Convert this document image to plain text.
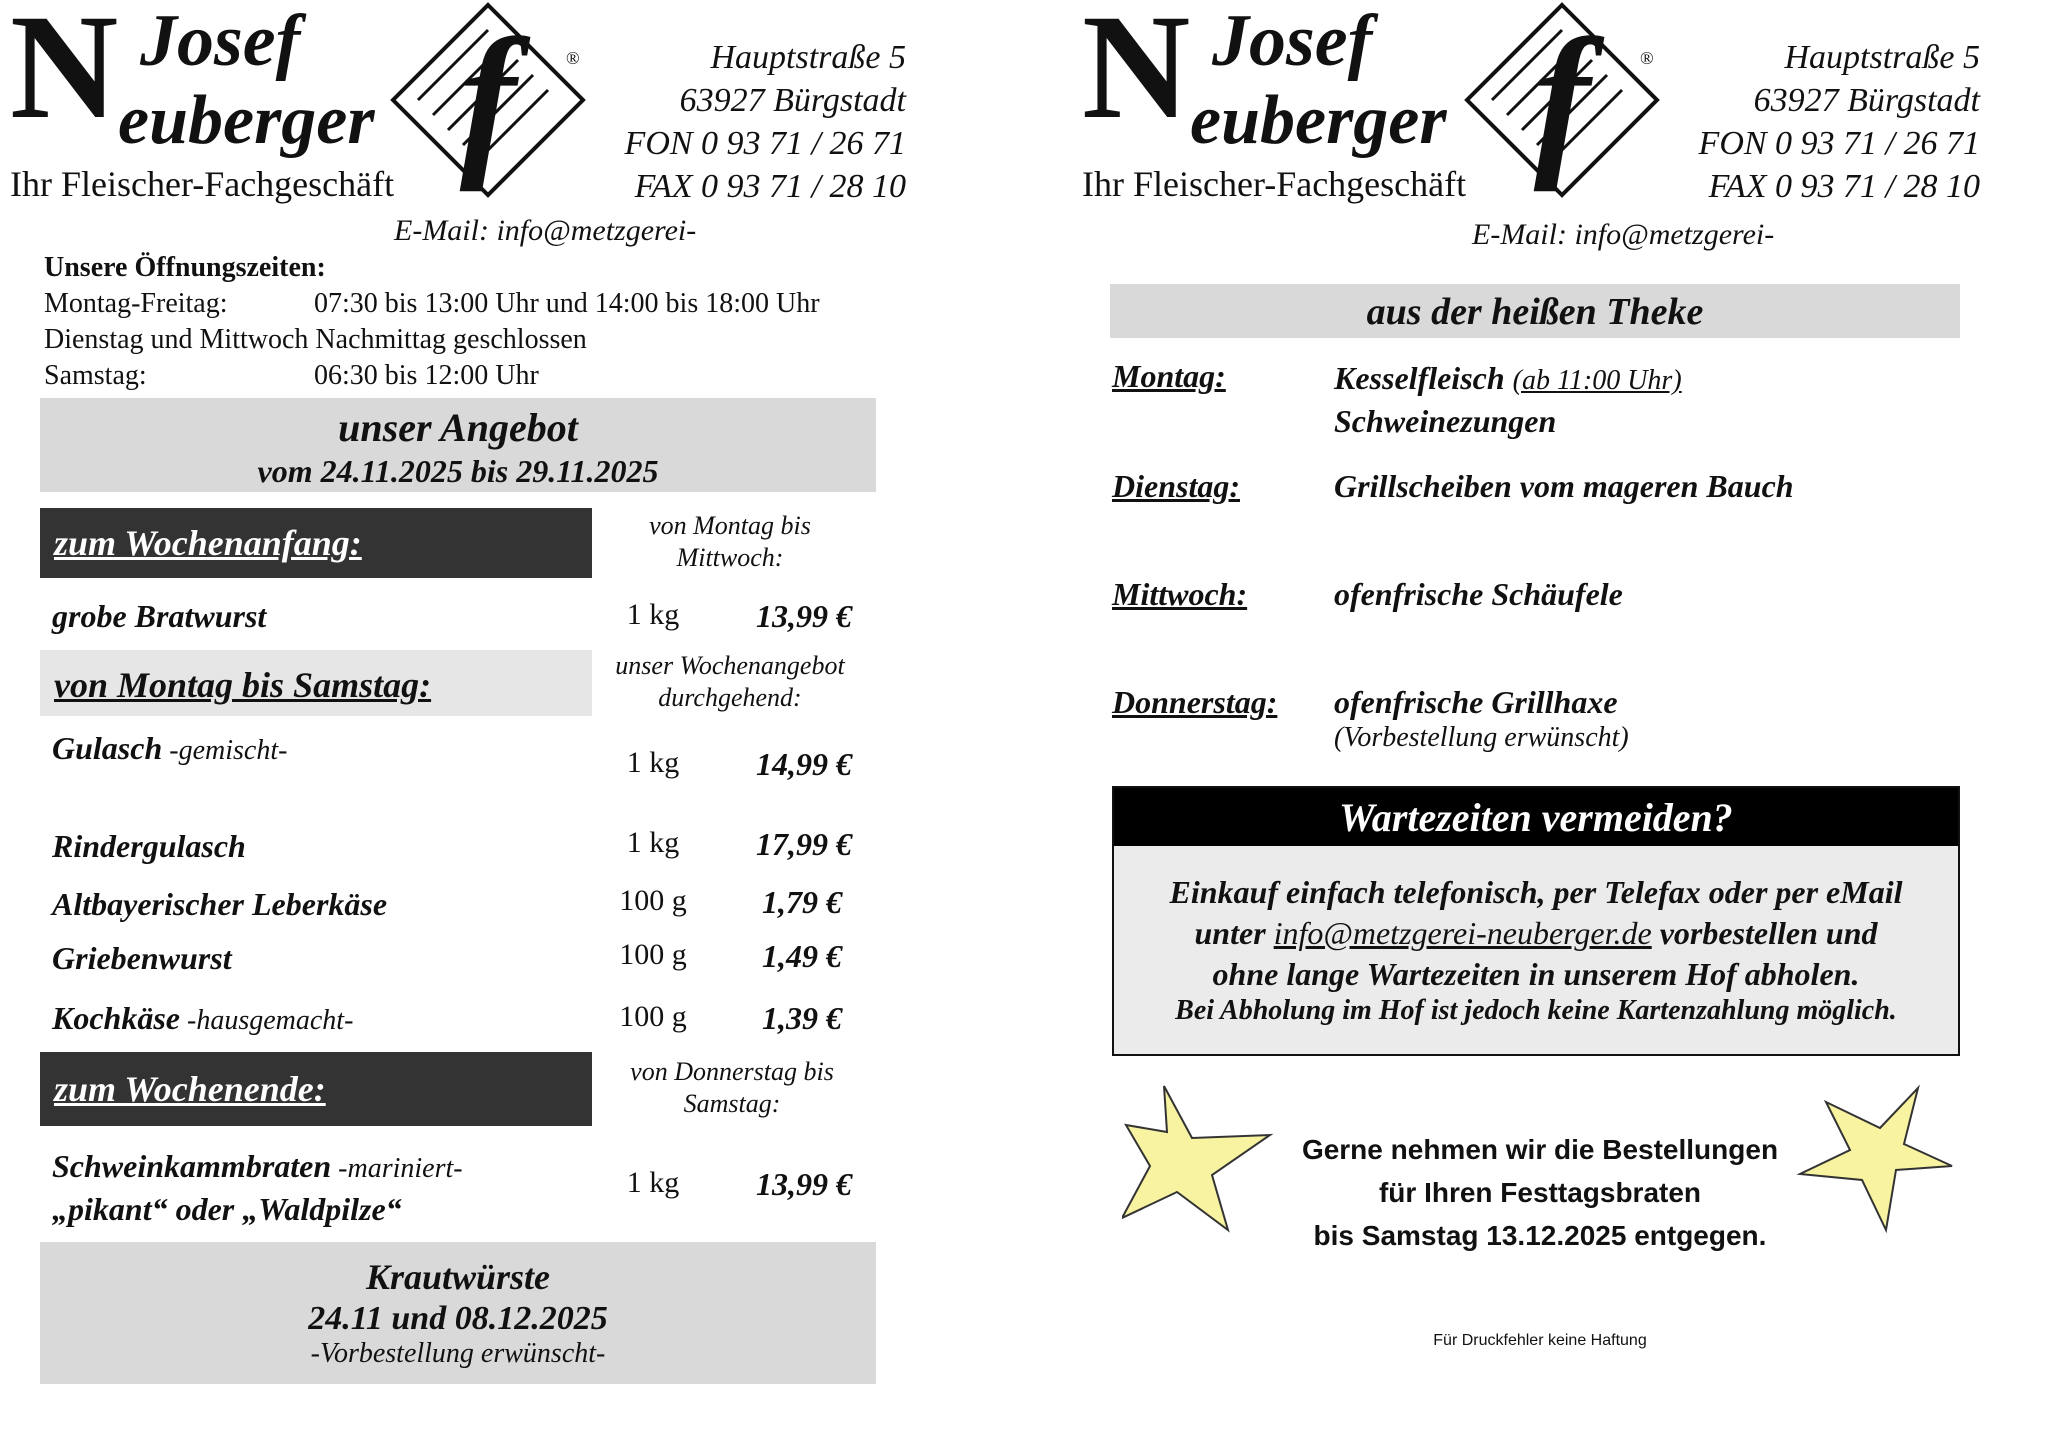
N Josef
euberger
Ihr Fleischer-Fachgeschäft f	®	Hauptstraße 5
63927 Bürgstadt
FON 0 93 71 / 26 71
FAX 0 93 71 / 28 10
E-Mail: info@metzgerei-
Unsere Öffnungszeiten:
Montag-Freitag:	07:30 bis 13:00 Uhr und 14:00 bis 18:00 Uhr
Dienstag und Mittwoch Nachmittag geschlossen
Samstag:	06:30 bis 12:00 Uhr
unser Angebot
vom 24.11.2025 bis 29.11.2025
zum Wochenanfang:	von Montag bis Mittwoch:
grobe Bratwurst	1 kg	13,99 €
von Montag bis Samstag:	unser Wochenangebot durchgehend:
Gulasch -gemischt-	1 kg	14,99 €
Rindergulasch	1 kg	17,99 €
Altbayerischer Leberkäse	100 g	1,79 €
Griebenwurst	100 g	1,49 €
Kochkäse -hausgemacht-	100 g	1,39 €
zum Wochenende:	von Donnerstag bis Samstag:
Schweinkammbraten -mariniert-
„pikant“ oder „Waldpilze“
1 kg	13,99 €
Krautwürste
24.11 und 08.12.2025
-Vorbestellung erwünscht-
N Josef
euberger
Ihr Fleischer-Fachgeschäft f	®	Hauptstraße 5
63927 Bürgstadt
FON 0 93 71 / 26 71
FAX 0 93 71 / 28 10
E-Mail: info@metzgerei-
aus der heißen Theke
Montag:	Kesselfleisch (ab 11:00 Uhr)
Schweinezungen
Dienstag:	Grillscheiben vom mageren Bauch
Mittwoch:	ofenfrische Schäufele
Donnerstag: ofenfrische Grillhaxe
(Vorbestellung erwünscht)
Wartezeiten vermeiden?
Einkauf einfach telefonisch, per Telefax oder per eMail
unter info@metzgerei-neuberger.de vorbestellen und
ohne lange Wartezeiten in unserem Hof abholen.
Bei Abholung im Hof ist jedoch keine Kartenzahlung möglich.
Gerne nehmen wir die Bestellungen
für Ihren Festtagsbraten
bis Samstag 13.12.2025 entgegen.
Für Druckfehler keine Haftung
